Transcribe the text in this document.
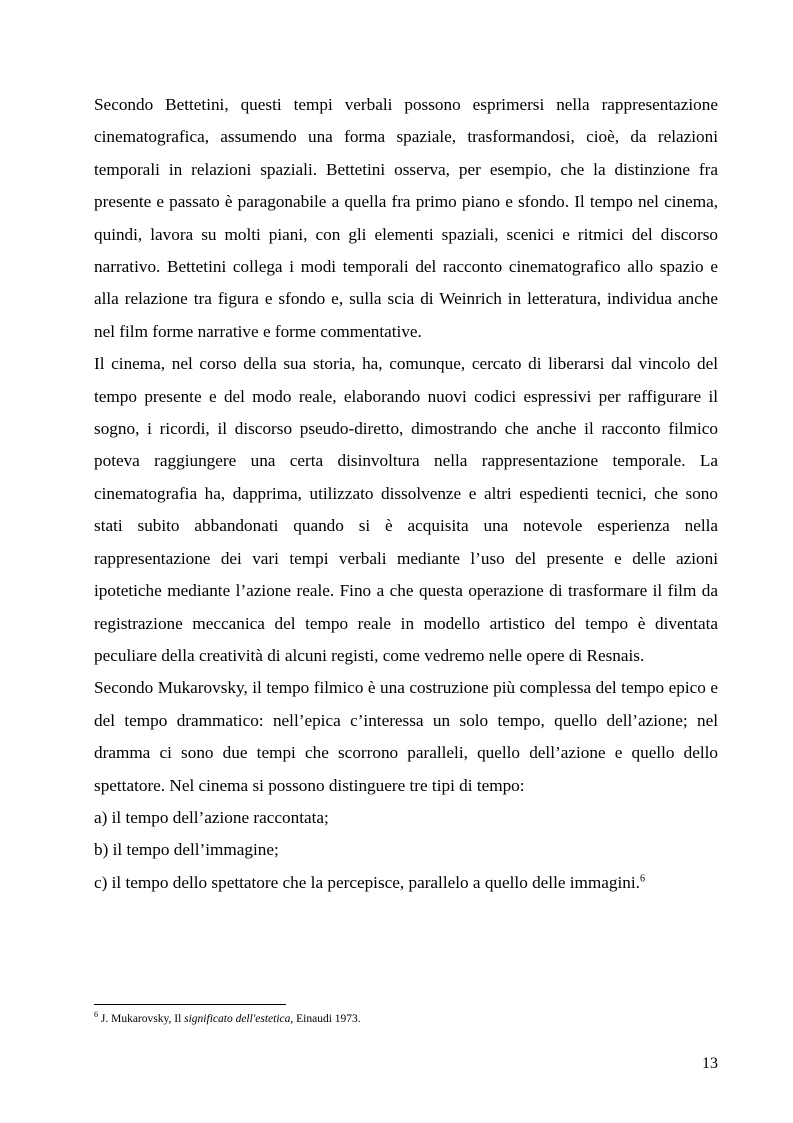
Secondo Bettetini, questi tempi verbali possono esprimersi nella rappresentazione cinematografica, assumendo una forma spaziale, trasformandosi, cioè, da relazioni temporali in relazioni spaziali. Bettetini osserva, per esempio, che la distinzione fra presente e passato è paragonabile a quella fra primo piano e sfondo. Il tempo nel cinema, quindi, lavora su molti piani, con gli elementi spaziali, scenici e ritmici del discorso narrativo. Bettetini collega i modi temporali del racconto cinematografico allo spazio e alla relazione tra figura e sfondo e, sulla scia di Weinrich in letteratura, individua anche nel film forme narrative e forme commentative.

Il cinema, nel corso della sua storia, ha, comunque, cercato di liberarsi dal vincolo del tempo presente e del modo reale, elaborando nuovi codici espressivi per raffigurare il sogno, i ricordi, il discorso pseudo-diretto, dimostrando che anche il racconto filmico poteva raggiungere una certa disinvoltura nella rappresentazione temporale. La cinematografia ha, dapprima, utilizzato dissolvenze e altri espedienti tecnici, che sono stati subito abbandonati quando si è acquisita una notevole esperienza nella rappresentazione dei vari tempi verbali mediante l’uso del presente e delle azioni ipotetiche mediante l’azione reale. Fino a che questa operazione di trasformare il film da registrazione meccanica del tempo reale in modello artistico del tempo è diventata peculiare della creatività di alcuni registi, come vedremo nelle opere di Resnais.

Secondo Mukarovsky, il tempo filmico è una costruzione più complessa del tempo epico e del tempo drammatico: nell’epica c’interessa un solo tempo, quello dell’azione; nel dramma ci sono due tempi che scorrono paralleli, quello dell’azione e quello dello spettatore. Nel cinema si possono distinguere tre tipi di tempo:

a) il tempo dell’azione raccontata;

b) il tempo dell’immagine;

c) il tempo dello spettatore che la percepisce, parallelo a quello delle immagini.$^6$

$^6$ J. Mukarovsky, Il significato dell'estetica, Einaudi 1973.
13
